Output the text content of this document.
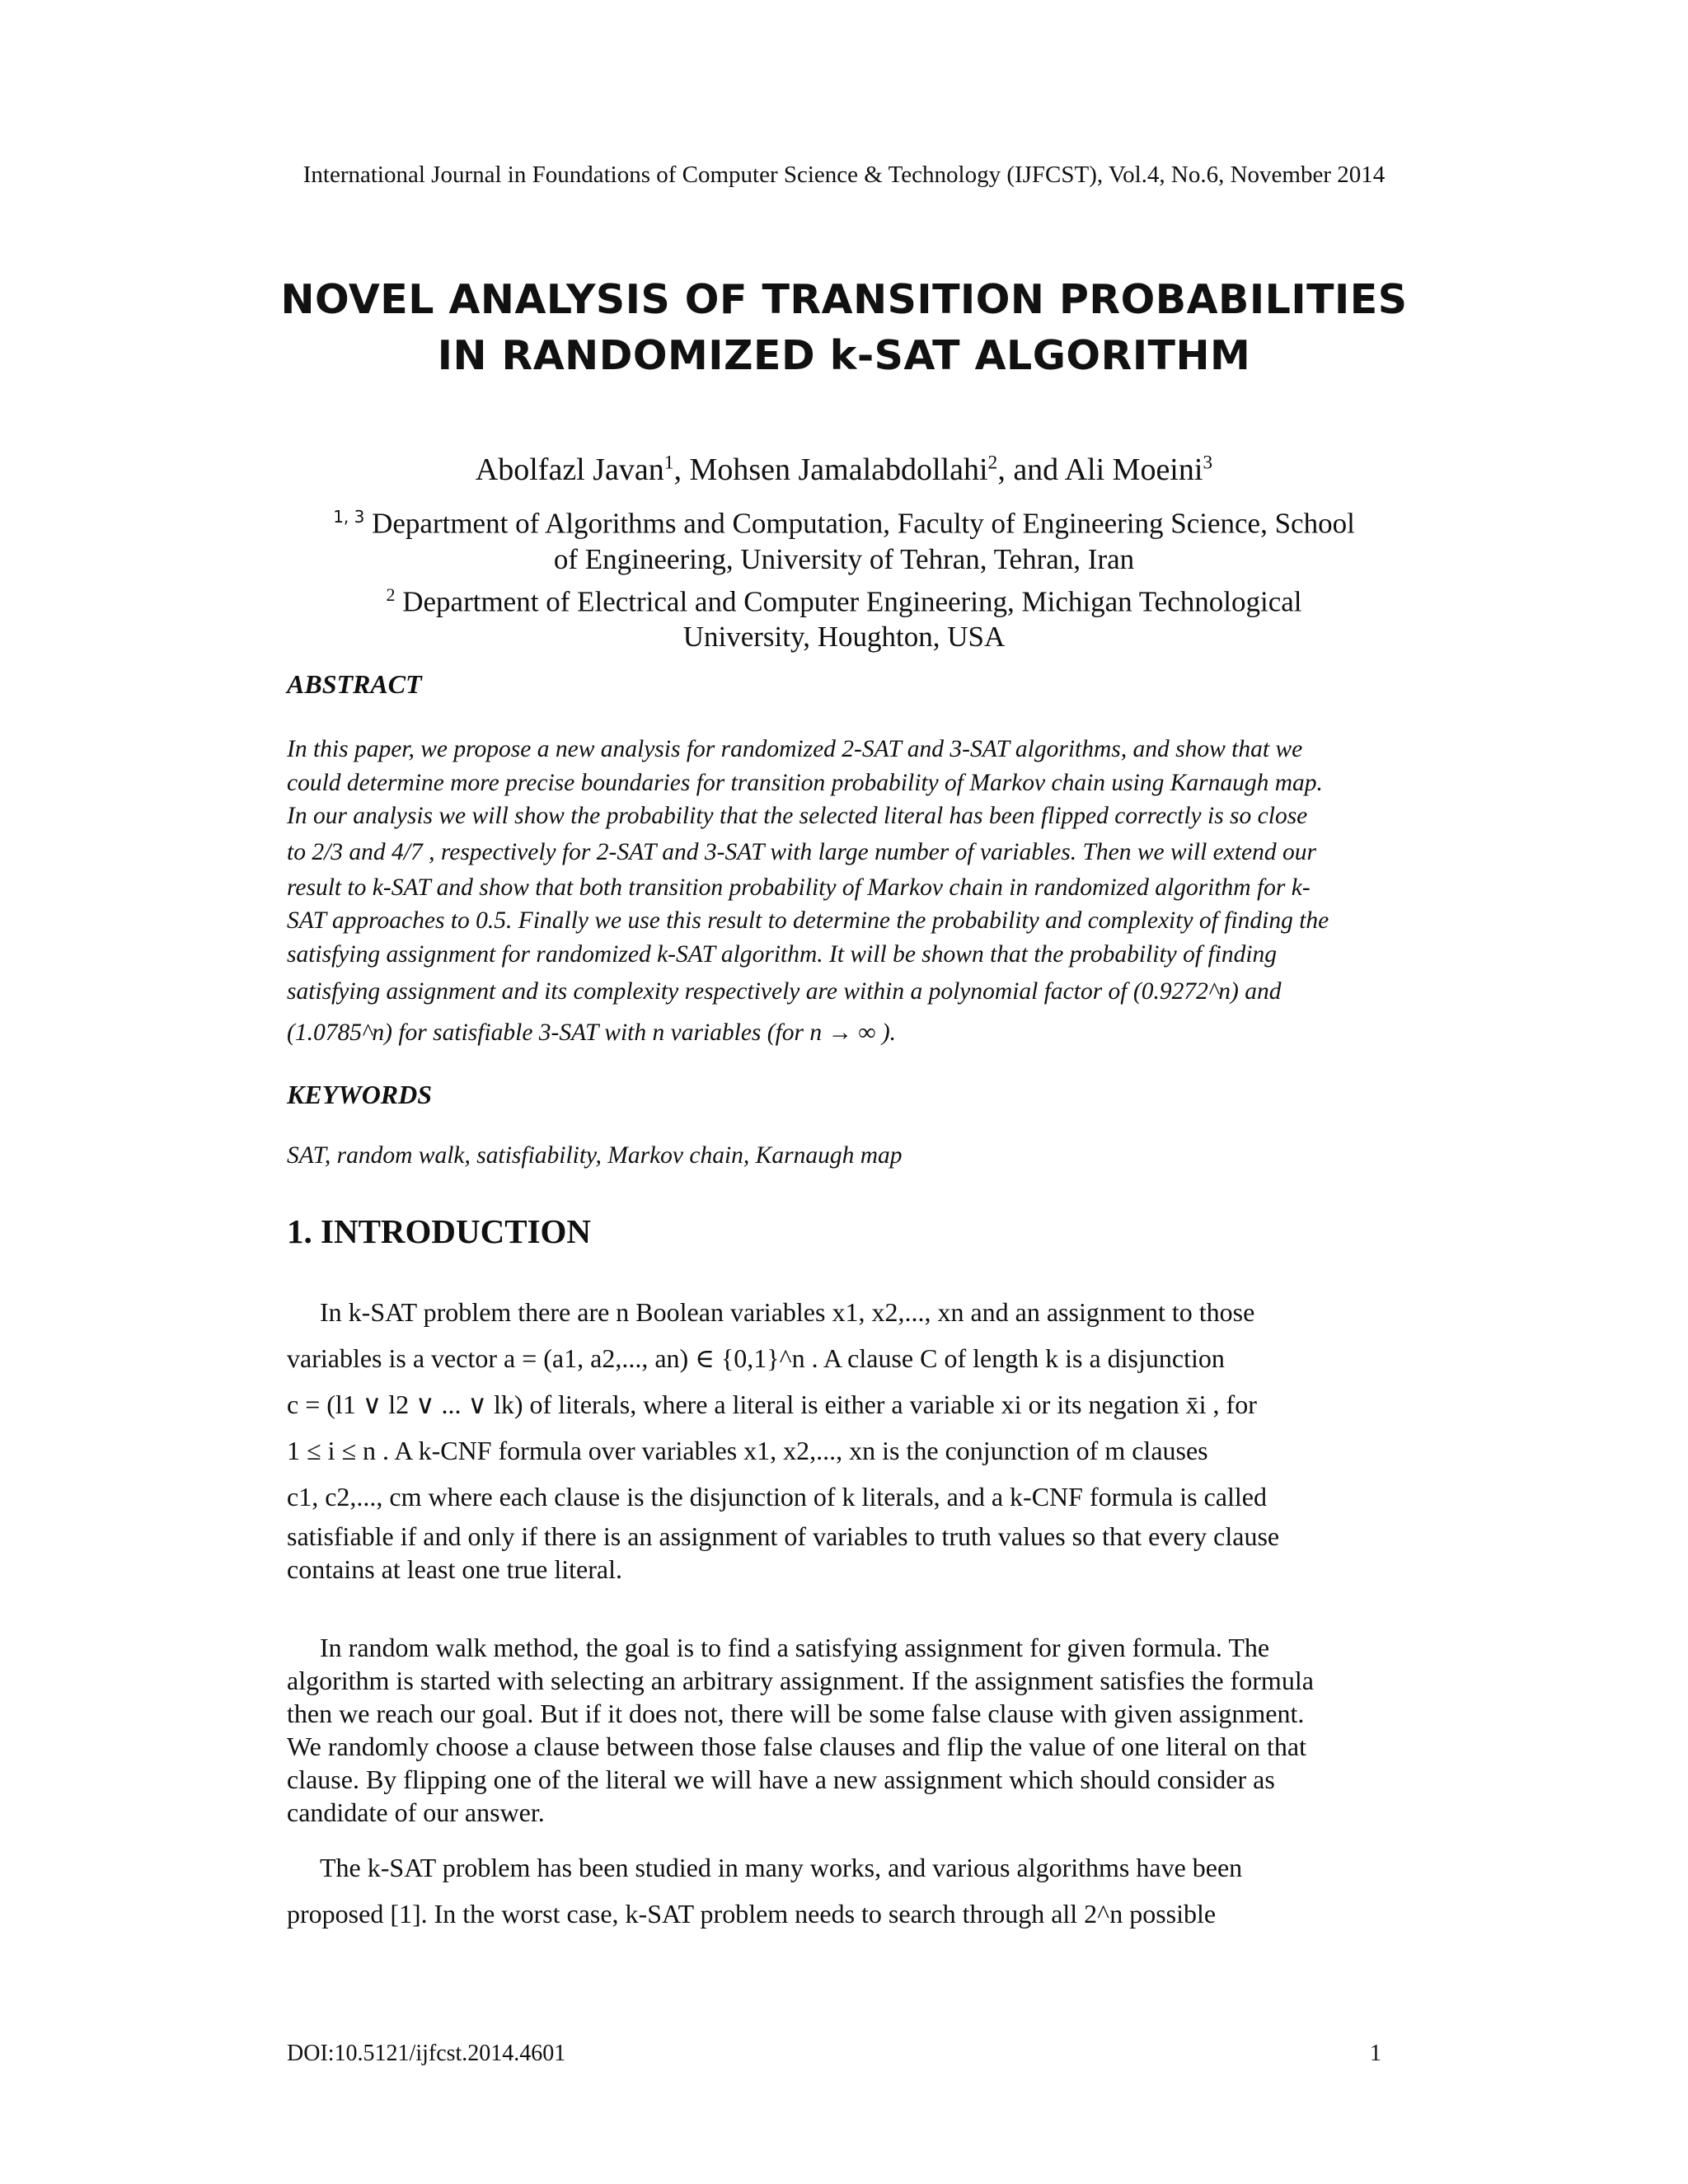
International Journal in Foundations of Computer Science & Technology (IJFCST), Vol.4, No.6, November 2014
NOVEL ANALYSIS OF TRANSITION PROBABILITIES
IN RANDOMIZED k-SAT ALGORITHM
Abolfazl Javan$^1$, Mohsen Jamalabdollahi$^2$, and Ali Moeini$^3$
$^{1, 3}$ Department of Algorithms and Computation, Faculty of Engineering Science, School
of Engineering, University of Tehran, Tehran, Iran
$^2$ Department of Electrical and Computer Engineering, Michigan Technological
University, Houghton, USA
ABSTRACT
In this paper, we propose a new analysis for randomized 2-SAT and 3-SAT algorithms, and show that we
could determine more precise boundaries for transition probability of Markov chain using Karnaugh map.
In our analysis we will show the probability that the selected literal has been flipped correctly is so close
to 2/3 and 4/7 , respectively for 2-SAT and 3-SAT with large number of variables. Then we will extend our
result to k-SAT and show that both transition probability of Markov chain in randomized algorithm for k-
SAT approaches to 0.5. Finally we use this result to determine the probability and complexity of finding the
satisfying assignment for randomized k-SAT algorithm. It will be shown that the probability of finding
satisfying assignment and its complexity respectively are within a polynomial factor of (0.9272^n) and
(1.0785^n) for satisfiable 3-SAT with n variables (for n → ∞ ).
KEYWORDS
SAT, random walk, satisfiability, Markov chain, Karnaugh map
1. INTRODUCTION
In k-SAT problem there are n Boolean variables x1, x2,..., xn and an assignment to those
variables is a vector a = (a1, a2,..., an) ∈ {0,1}^n . A clause C of length k is a disjunction
c = (l1 ∨ l2 ∨ ... ∨ lk) of literals, where a literal is either a variable xi or its negation x̄i , for
1 ≤ i ≤ n . A k-CNF formula over variables x1, x2,..., xn is the conjunction of m clauses
c1, c2,..., cm where each clause is the disjunction of k literals, and a k-CNF formula is called
satisfiable if and only if there is an assignment of variables to truth values so that every clause
contains at least one true literal.
In random walk method, the goal is to find a satisfying assignment for given formula. The
algorithm is started with selecting an arbitrary assignment. If the assignment satisfies the formula
then we reach our goal. But if it does not, there will be some false clause with given assignment.
We randomly choose a clause between those false clauses and flip the value of one literal on that
clause. By flipping one of the literal we will have a new assignment which should consider as
candidate of our answer.
The k-SAT problem has been studied in many works, and various algorithms have been
proposed [1]. In the worst case, k-SAT problem needs to search through all 2^n possible
DOI:10.5121/ijfcst.2014.4601	1
